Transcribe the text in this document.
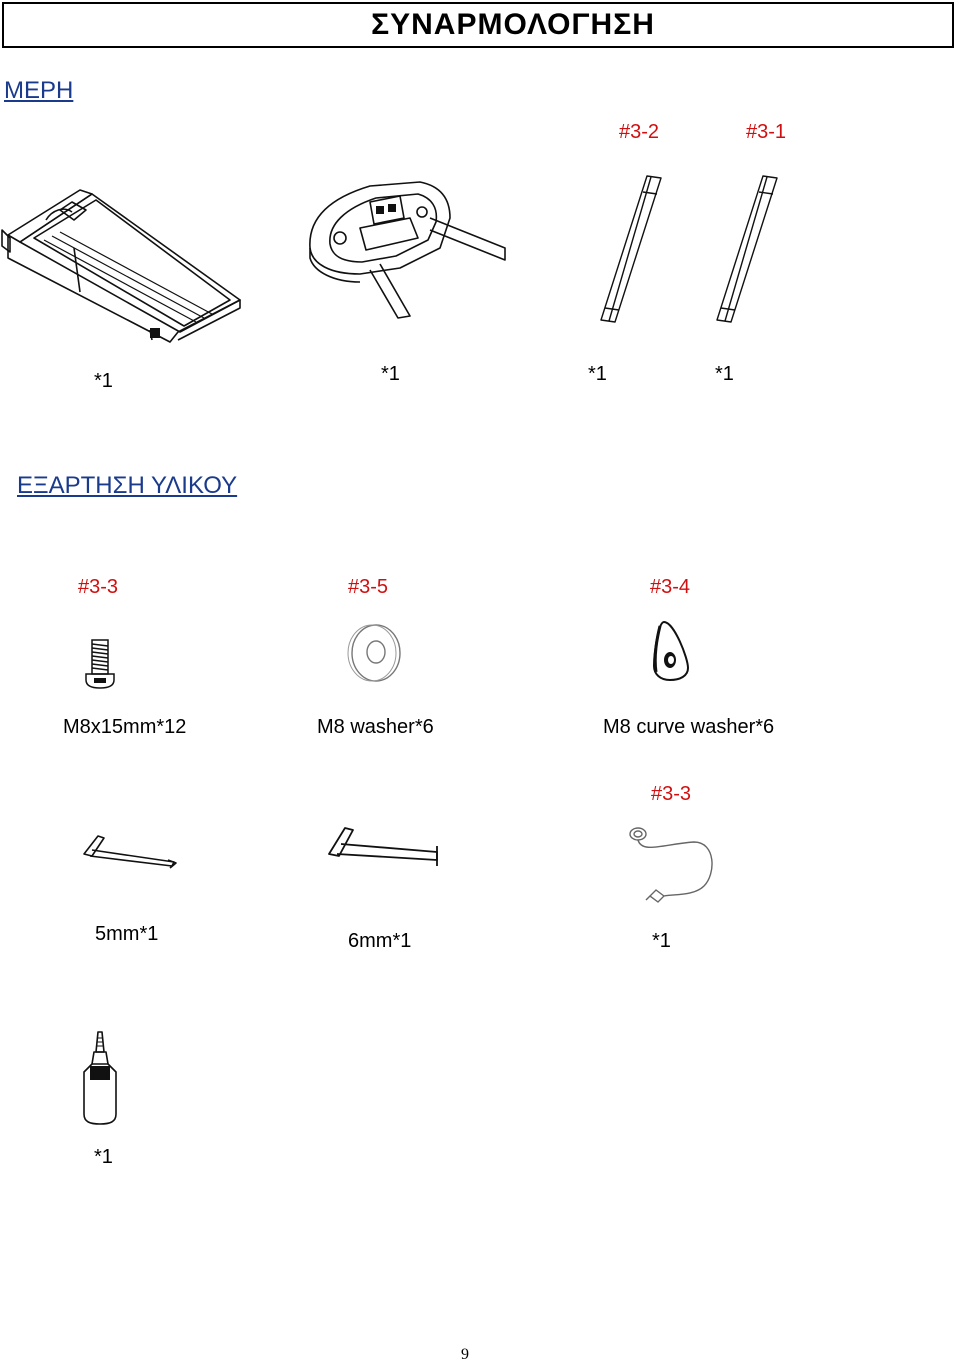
ΣΥΝΑΡΜΟΛΟΓΗΣΗ
ΜΕΡΗ
#3-2	#3-1
*1	*1	*1	*1
ΕΞΑΡΤΗΣΗ ΥΛΙΚΟΥ
#3-3	#3-5	#3-4
M8x15mm*12	M8 washer*6	M8 curve washer*6
#3-3
5mm*1	6mm*1	*1
*1
9
